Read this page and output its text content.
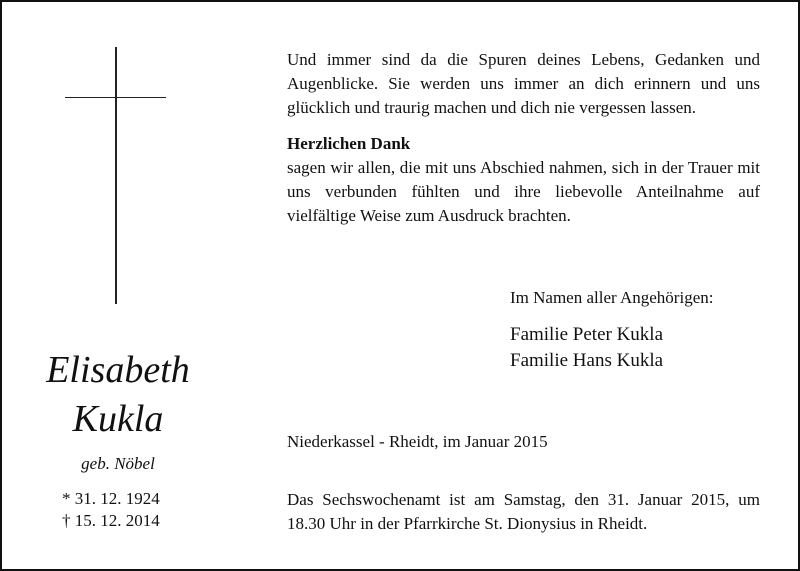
Elisabeth
Kukla
geb. Nöbel
* 31. 12. 1924
† 15. 12. 2014
Und immer sind da die Spuren deines Lebens, Gedanken und Augenblicke. Sie werden uns immer an dich erinnern und uns glücklich und traurig machen und dich nie vergessen lassen.
Herzlichen Dank
sagen wir allen, die mit uns Abschied nahmen, sich in der Trauer mit uns verbunden fühlten und ihre liebevolle Anteilnahme auf vielfältige Weise zum Ausdruck brachten.
Im Namen aller Angehörigen:
Familie Peter Kukla
Familie Hans Kukla
Niederkassel - Rheidt, im Januar 2015
Das Sechswochenamt ist am Samstag, den 31. Januar 2015, um 18.30 Uhr in der Pfarrkirche St. Dionysius in Rheidt.
